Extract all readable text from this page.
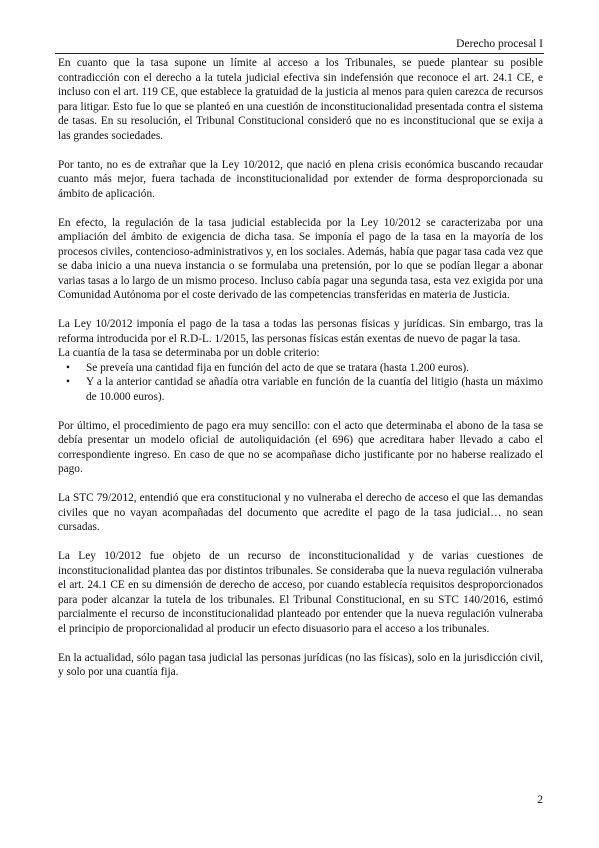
Derecho procesal I

En cuanto que la tasa supone un límite al acceso a los Tribunales, se puede plantear su posible contradicción con el derecho a la tutela judicial efectiva sin indefensión que reconoce el art. 24.1 CE, e incluso con el art. 119 CE, que establece la gratuidad de la justicia al menos para quien carezca de recursos para litigar. Esto fue lo que se planteó en una cuestión de inconstitucionalidad presentada contra el sistema de tasas. En su resolución, el Tribunal Constitucional consideró que no es inconstitucional que se exija a las grandes sociedades.

Por tanto, no es de extrañar que la Ley 10/2012, que nació en plena crisis económica buscando recaudar cuanto más mejor, fuera tachada de inconstitucionalidad por extender de forma desproporcionada su ámbito de aplicación.

En efecto, la regulación de la tasa judicial establecida por la Ley 10/2012 se caracterizaba por una ampliación del ámbito de exigencia de dicha tasa. Se imponía el pago de la tasa en la mayoría de los procesos civiles, contencioso-administrativos y, en los sociales. Además, había que pagar tasa cada vez que se daba inicio a una nueva instancia o se formulaba una pretensión, por lo que se podían llegar a abonar varias tasas a lo largo de un mismo proceso. Incluso cabía pagar una segunda tasa, esta vez exigida por una Comunidad Autónoma por el coste derivado de las competencias transferidas en materia de Justicia.

La Ley 10/2012 imponía el pago de la tasa a todas las personas físicas y jurídicas. Sin embargo, tras la reforma introducida por el R.D-L. 1/2015, las personas físicas están exentas de nuevo de pagar la tasa.

La cuantía de la tasa se determinaba por un doble criterio:

• Se preveía una cantidad fija en función del acto de que se tratara (hasta 1.200 euros).
• Y a la anterior cantidad se añadía otra variable en función de la cuantía del litigio (hasta un máximo de 10.000 euros).

Por último, el procedimiento de pago era muy sencillo: con el acto que determinaba el abono de la tasa se debía presentar un modelo oficial de autoliquidación (el 696) que acreditara haber llevado a cabo el correspondiente ingreso. En caso de que no se acompañase dicho justificante por no haberse realizado el pago.

La STC 79/2012, entendió que era constitucional y no vulneraba el derecho de acceso el que las demandas civiles que no vayan acompañadas del documento que acredite el pago de la tasa judicial… no sean cursadas.

La Ley 10/2012 fue objeto de un recurso de inconstitucionalidad y de varias cuestiones de inconstitucionalidad plantea das por distintos tribunales. Se consideraba que la nueva regulación vulneraba el art. 24.1 CE en su dimensión de derecho de acceso, por cuando establecía requisitos desproporcionados para poder alcanzar la tutela de los tribunales. El Tribunal Constitucional, en su STC 140/2016, estimó parcialmente el recurso de inconstitucionalidad planteado por entender que la nueva regulación vulneraba el principio de proporcionalidad al producir un efecto disuasorio para el acceso a los tribunales.

En la actualidad, sólo pagan tasa judicial las personas jurídicas (no las físicas), solo en la jurisdicción civil, y solo por una cuantía fija.

2
